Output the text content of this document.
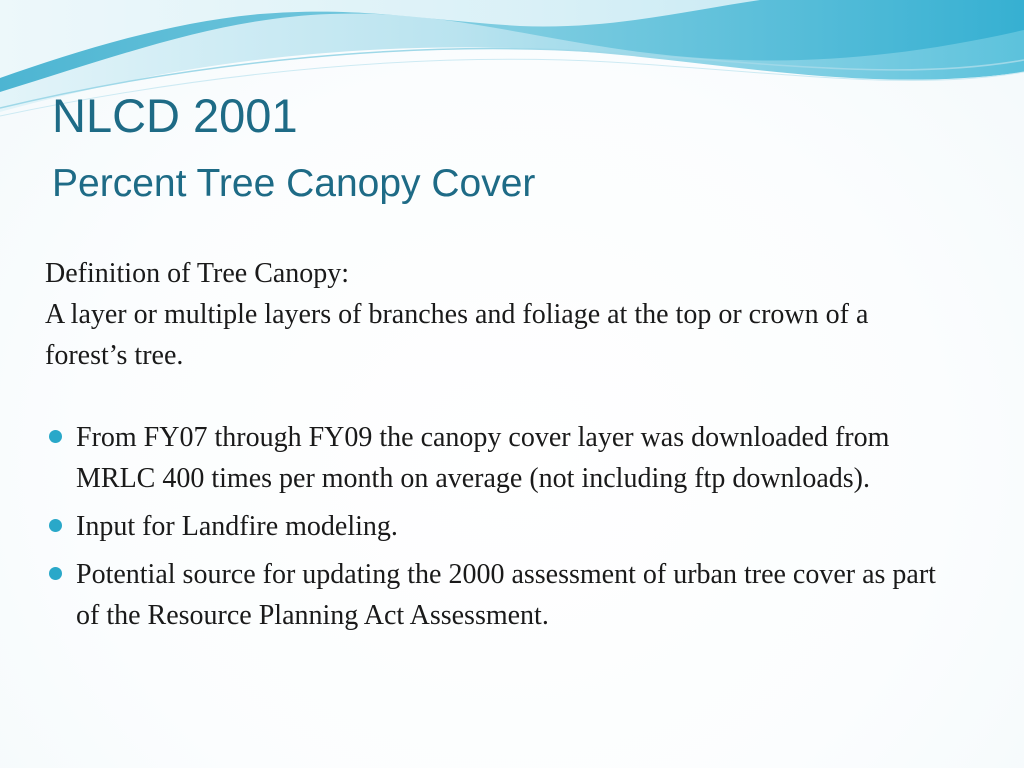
NLCD 2001
Percent Tree Canopy Cover

Definition of Tree Canopy:

A layer or multiple layers of branches and foliage at the top or crown of a forest’s tree.

From FY07 through FY09 the canopy cover layer was downloaded from MRLC 400 times per month on average (not including ftp downloads).
Input for Landfire modeling.
Potential source for updating the 2000 assessment of urban tree cover as part of the Resource Planning Act Assessment.
